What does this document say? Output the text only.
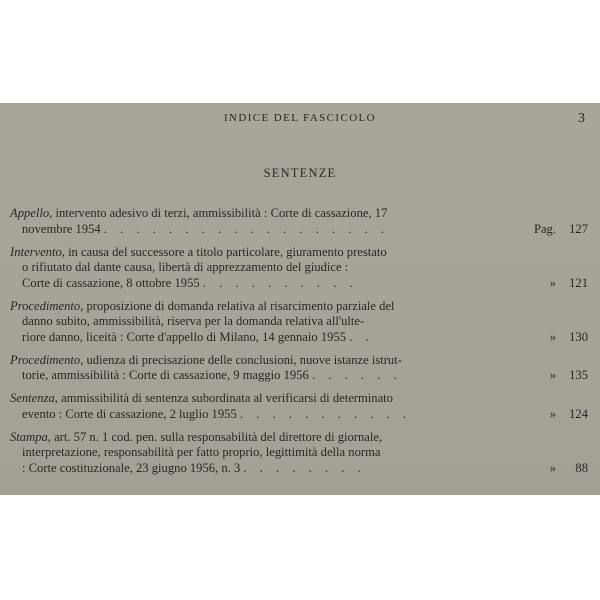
INDICE DEL FASCICOLO	3
SENTENZE
Appello, intervento adesivo di terzi, ammissibilità : Corte di cassazione, 17
novembre 1954 . . . . . . . . . . . . . . . . . .	Pag. 127
Intervento, in causa del successore a titolo particolare, giuramento prestato
o rifiutato dal dante causa, libertà di apprezzamento del giudice :
Corte di cassazione, 8 ottobre 1955 . . . . . . . . . .	» 121
Procedimento, proposizione di domanda relativa al risarcimento parziale del
danno subito, ammissibilità, riserva per la domanda relativa all'ulte-
riore danno, liceità : Corte d'appello di Milano, 14 gennaio 1955 . .	» 130
Procedimento, udienza di precisazione delle conclusioni, nuove istanze istrut-
torie, ammissibilità : Corte di cassazione, 9 maggio 1956 . . . . . .	» 135
Sentenza, ammissibilità di sentenza subordinata al verificarsi di determinato
evento : Corte di cassazione, 2 luglio 1955 . . . . . . . . . . .	» 124
Stampa, art. 57 n. 1 cod. pen. sulla responsabilità del direttore di giornale,
interpretazione, responsabilità per fatto proprio, legittimità della norma
: Corte costituzionale, 23 giugno 1956, n. 3 . . . . . . . .	» 88
